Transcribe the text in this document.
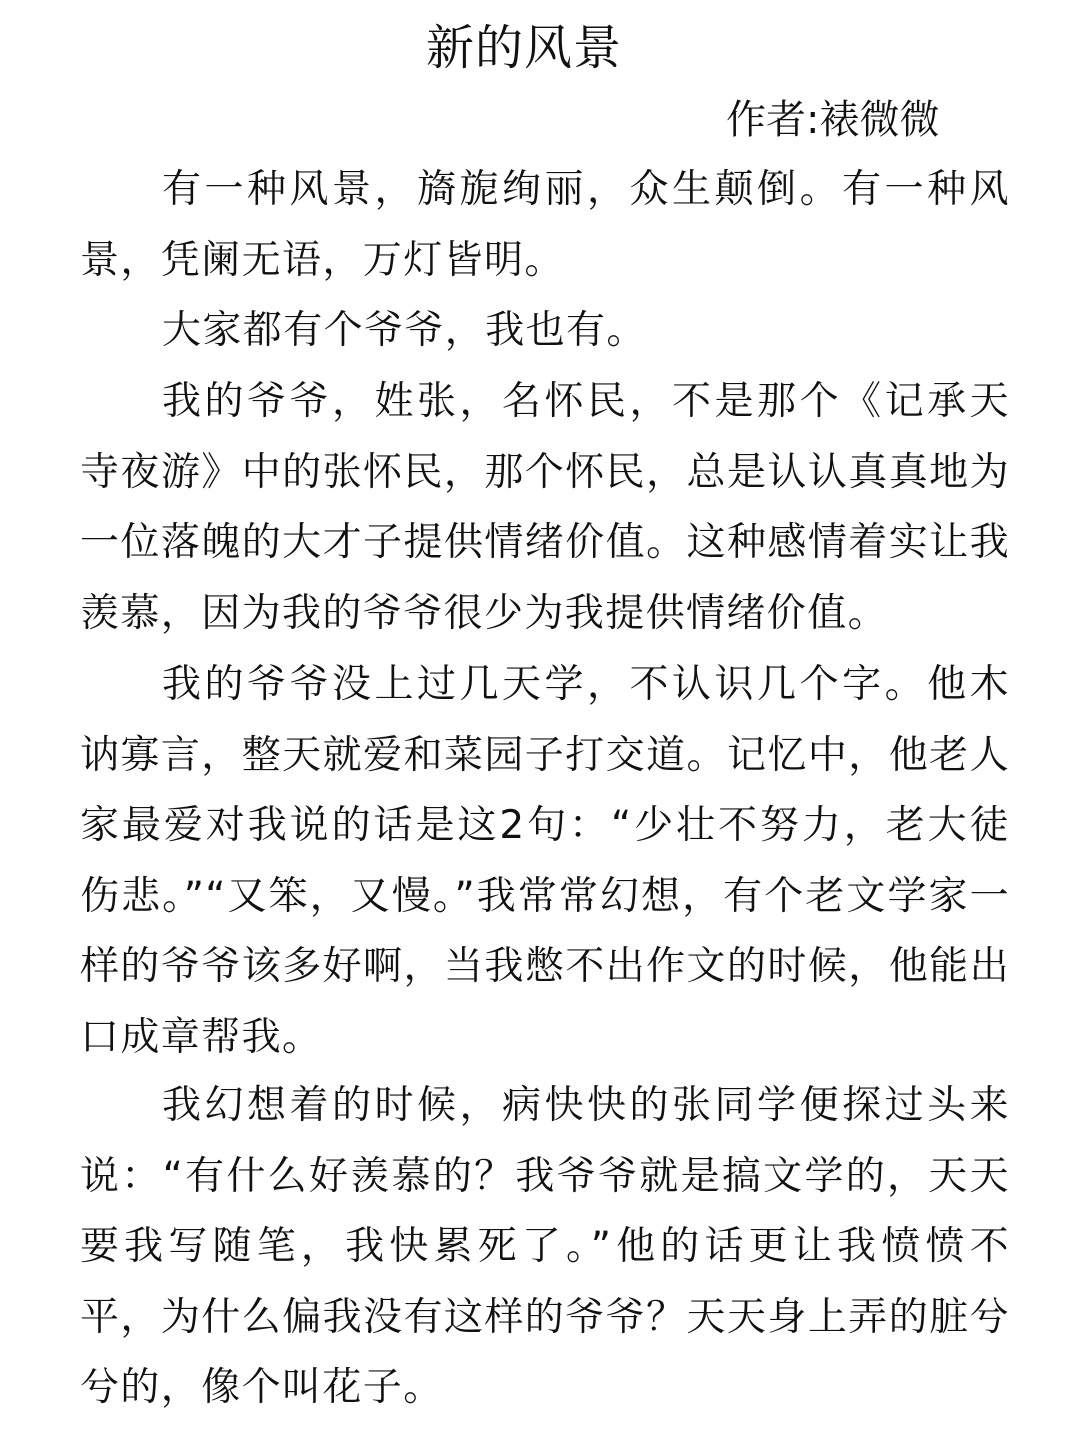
新的风景
作者:裱微微
有一种风景，旖旎绚丽，众生颠倒。有一种风景，凭阑无语，万灯皆明。
大家都有个爷爷，我也有。
我的爷爷，姓张，名怀民，不是那个《记承天寺夜游》中的张怀民，那个怀民，总是认认真真地为一位落魄的大才子提供情绪价值。这种感情着实让我羡慕，因为我的爷爷很少为我提供情绪价值。
我的爷爷没上过几天学，不认识几个字。他木讷寡言，整天就爱和菜园子打交道。记忆中，他老人家最爱对我说的话是这2句：“少壮不努力，老大徒伤悲。”“又笨，又慢。”我常常幻想，有个老文学家一样的爷爷该多好啊，当我憋不出作文的时候，他能出口成章帮我。
我幻想着的时候，病快快的张同学便探过头来说：“有什么好羡慕的？我爷爷就是搞文学的，天天要我写随笔，我快累死了。”他的话更让我愤愤不平，为什么偏我没有这样的爷爷？天天身上弄的脏兮兮的，像个叫花子。
